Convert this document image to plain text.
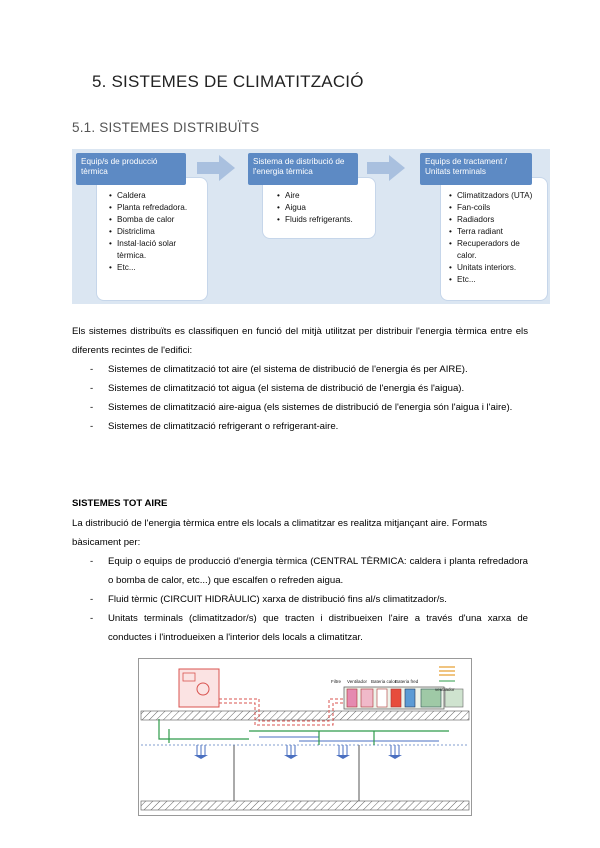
5. SISTEMES DE CLIMATITZACIÓ
5.1. SISTEMES DISTRIBUÏTS
• Caldera
• Planta refredadora.
• Bomba de calor
• Districlima
• Instal·lació solar tèrmica.
• Etc...
Equip/s de producció tèrmica
• Aire
• Aigua
• Fluids refrigerants.
Sistema de distribució de l'energia tèrmica
• Climatitzadors (UTA)
• Fan-coils
• Radiadors
• Terra radiant
• Recuperadors de calor.
• Unitats interiors.
• Etc...
Equips de tractament / Unitats terminals

Els sistemes distribuïts es classifiquen en funció del mitjà utilitzat per distribuir l'energia tèrmica entre els diferents recintes de l'edifici:

- Sistemes de climatització tot aire (el sistema de distribució de l'energia és per AIRE).
- Sistemes de climatització tot aigua (el sistema de distribució de l'energia és l'aigua).
- Sistemes de climatització aire-aigua (els sistemes de distribució de l'energia són l'aigua i l'aire).
- Sistemes de climatització refrigerant o refrigerant-aire.
SISTEMES TOT AIRE

La distribució de l'energia tèrmica entre els locals a climatitzar es realitza mitjançant aire. Formats bàsicament per:

- Equip o equips de producció d'energia tèrmica (CENTRAL TÈRMICA: caldera i planta refredadora o bomba de calor, etc...) que escalfen o refreden aigua.
- Fluid tèrmic (CIRCUIT HIDRÀULIC) xarxa de distribució fins al/s climatitzador/s.
- Unitats terminals (climatitzador/s) que tracten i distribueixen l'aire a través d'una xarxa de conductes i l'introdueixen a l'interior dels locals a climatitzar.
Filtre Ventilador Bateria calor
Bateria fred
ventilador
